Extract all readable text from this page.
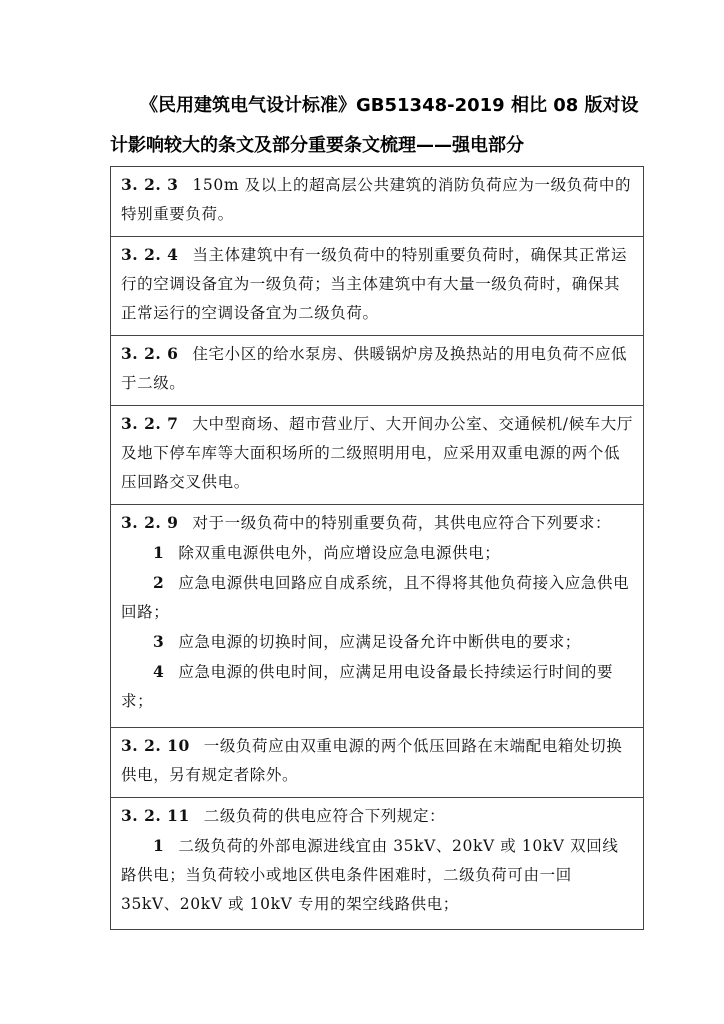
《民用建筑电气设计标准》GB51348-2019 相比 08 版对设
计影响较大的条文及部分重要条文梳理——强电部分
3. 2. 3 150m 及以上的超高层公共建筑的消防负荷应为一级负荷中的特别重要负荷。
3. 2. 4 当主体建筑中有一级负荷中的特别重要负荷时，确保其正常运行的空调设备宜为一级负荷；当主体建筑中有大量一级负荷时，确保其正常运行的空调设备宜为二级负荷。
3. 2. 6 住宅小区的给水泵房、供暖锅炉房及换热站的用电负荷不应低于二级。
3. 2. 7 大中型商场、超市营业厅、大开间办公室、交通候机/候车大厅及地下停车库等大面积场所的二级照明用电，应采用双重电源的两个低压回路交叉供电。
3. 2. 9 对于一级负荷中的特别重要负荷，其供电应符合下列要求：
1 除双重电源供电外，尚应增设应急电源供电；
2 应急电源供电回路应自成系统，且不得将其他负荷接入应急供电回路；
3 应急电源的切换时间，应满足设备允许中断供电的要求；
4 应急电源的供电时间，应满足用电设备最长持续运行时间的要求；
3. 2. 10 一级负荷应由双重电源的两个低压回路在末端配电箱处切换供电，另有规定者除外。
3. 2. 11 二级负荷的供电应符合下列规定：
1 二级负荷的外部电源进线宜由 35kV、20kV 或 10kV 双回线路供电；当负荷较小或地区供电条件困难时，二级负荷可由一回 35kV、20kV 或 10kV 专用的架空线路供电；
